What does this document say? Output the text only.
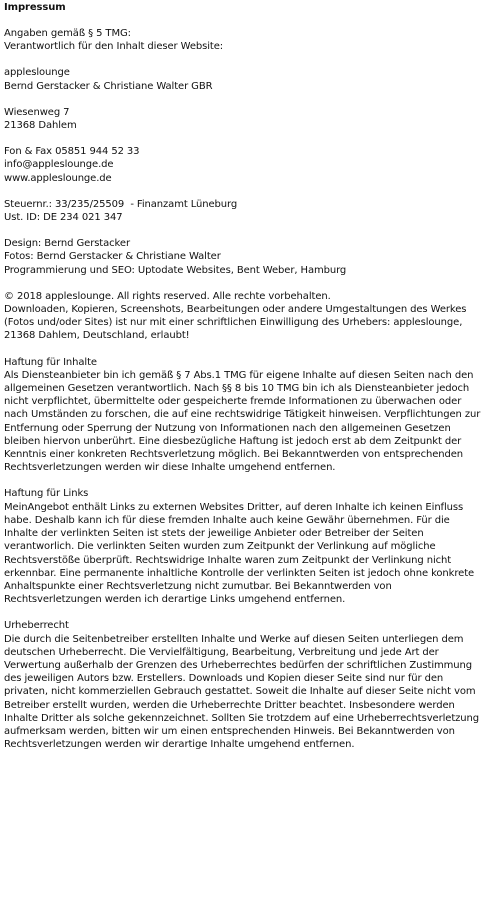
Impressum
Angaben gemäß § 5 TMG:
Verantwortlich für den Inhalt dieser Website:
appleslounge
Bernd Gerstacker & Christiane Walter GBR
Wiesenweg 7
21368 Dahlem
Fon & Fax 05851 944 52 33
info@appleslounge.de
www.appleslounge.de
Steuernr.: 33/235/25509  - Finanzamt Lüneburg
Ust. ID: DE 234 021 347
Design: Bernd Gerstacker
Fotos: Bernd Gerstacker & Christiane Walter
Programmierung und SEO: Uptodate Websites, Bent Weber, Hamburg
© 2018 appleslounge. All rights reserved. Alle rechte vorbehalten.
Downloaden, Kopieren, Screenshots, Bearbeitungen oder andere Umgestaltungen des Werkes (Fotos und/oder Sites) ist nur mit einer schriftlichen Einwilligung des Urhebers: appleslounge, 21368 Dahlem, Deutschland, erlaubt!
Haftung für Inhalte
Als Diensteanbieter bin ich gemäß § 7 Abs.1 TMG für eigene Inhalte auf diesen Seiten nach den allgemeinen Gesetzen verantwortlich. Nach §§ 8 bis 10 TMG bin ich als Diensteanbieter jedoch nicht verpflichtet, übermittelte oder gespeicherte fremde Informationen zu überwachen oder nach Umständen zu forschen, die auf eine rechtswidrige Tätigkeit hinweisen. Verpflichtungen zur Entfernung oder Sperrung der Nutzung von Informationen nach den allgemeinen Gesetzen bleiben hiervon unberührt. Eine diesbezügliche Haftung ist jedoch erst ab dem Zeitpunkt der Kenntnis einer konkreten Rechtsverletzung möglich. Bei Bekanntwerden von entsprechenden Rechtsverletzungen werden wir diese Inhalte umgehend entfernen.
Haftung für Links
MeinAngebot enthält Links zu externen Websites Dritter, auf deren Inhalte ich keinen Einfluss habe. Deshalb kann ich für diese fremden Inhalte auch keine Gewähr übernehmen. Für die Inhalte der verlinkten Seiten ist stets der jeweilige Anbieter oder Betreiber der Seiten verantworlich. Die verlinkten Seiten wurden zum Zeitpunkt der Verlinkung auf mögliche Rechtsverstöße überprüft. Rechtswidrige Inhalte waren zum Zeitpunkt der Verlinkung nicht erkennbar. Eine permanente inhaltliche Kontrolle der verlinkten Seiten ist jedoch ohne konkrete Anhaltspunkte einer Rechtsverletzung nicht zumutbar. Bei Bekanntwerden von Rechtsverletzungen werden ich derartige Links umgehend entfernen.
Urheberrecht
Die durch die Seitenbetreiber erstellten Inhalte und Werke auf diesen Seiten unterliegen dem deutschen Urheberrecht. Die Vervielfältigung, Bearbeitung, Verbreitung und jede Art der Verwertung außerhalb der Grenzen des Urheberrechtes bedürfen der schriftlichen Zustimmung des jeweiligen Autors bzw. Erstellers. Downloads und Kopien dieser Seite sind nur für den privaten, nicht kommerziellen Gebrauch gestattet. Soweit die Inhalte auf dieser Seite nicht vom Betreiber erstellt wurden, werden die Urheberrechte Dritter beachtet. Insbesondere werden Inhalte Dritter als solche gekennzeichnet. Sollten Sie trotzdem auf eine Urheberrechtsverletzung aufmerksam werden, bitten wir um einen entsprechenden Hinweis. Bei Bekanntwerden von Rechtsverletzungen werden wir derartige Inhalte umgehend entfernen.
